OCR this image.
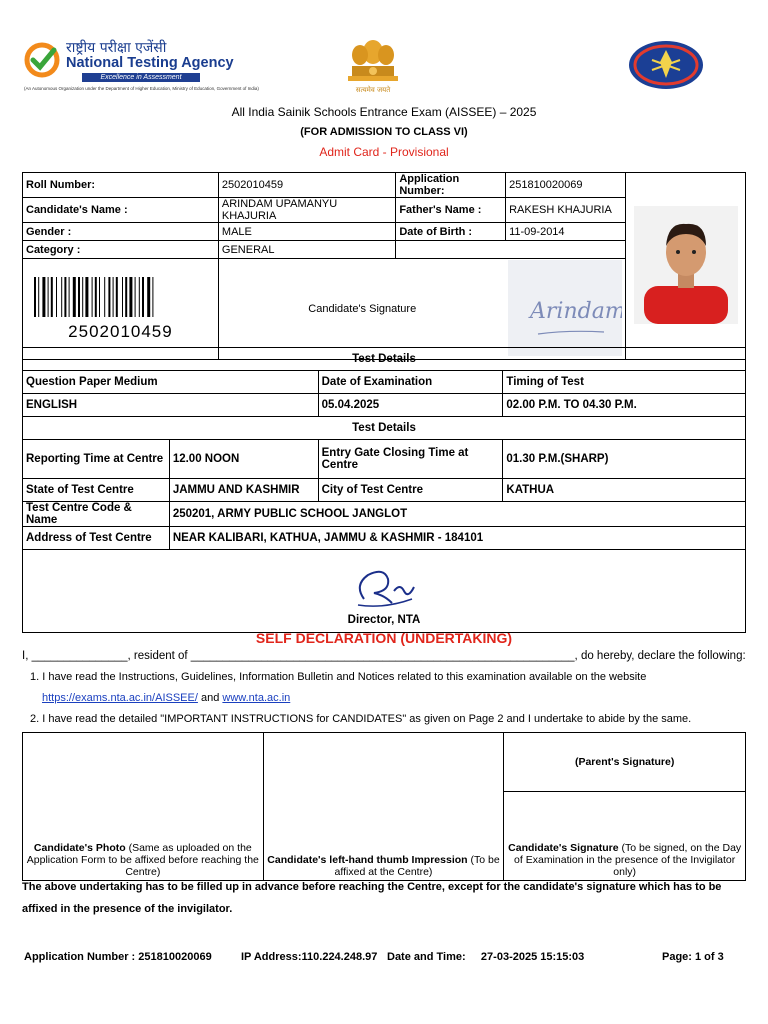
राष्ट्रीय परीक्षा एजेंसी
National Testing Agency
Excellence in Assessment
(An Autonomous Organization under the Department of Higher Education, Ministry of Education, Government of India)	सत्यमेव जयते
All India Sainik Schools Entrance Exam (AISSEE) – 2025
(FOR ADMISSION TO CLASS VI)
Admit Card - Provisional
Roll Number:	2502010459	Application Number:	251810020069	
Candidate's Name :	ARINDAM UPAMANYU KHAJURIA	Father's Name :	RAKESH KHAJURIA	
Gender :	MALE	Date of Birth :	11-09-2014	
Category :	GENERAL			

2502010459	Candidate's Signature		Arindam	
Test Details			
Question Paper Medium		Date of Examination	Timing of Test
ENGLISH		05.04.2025	02.00 P.M. TO 04.30 P.M.
Test Details			
Reporting Time at Centre	12.00 NOON	Entry Gate Closing Time at Centre	01.30 P.M.(SHARP)
State of Test Centre	JAMMU AND KASHMIR	City of Test Centre	KATHUA
Test Centre Code & Name	250201, ARMY PUBLIC SCHOOL JANGLOT		
Address of Test Centre	NEAR KALIBARI, KATHUA, JAMMU & KASHMIR - 184101		

Director, NTA			
SELF DECLARATION (UNDERTAKING)
I, _______________, resident of ____________________________________________________________, do hereby, declare the following:
1. I have read the Instructions, Guidelines, Information Bulletin and Notices related to this examination available on the website
https://exams.nta.ac.in/AISSEE/ and www.nta.ac.in
2. I have read the detailed "IMPORTANT INSTRUCTIONS for CANDIDATES" as given on Page 2 and I undertake to abide by the same.
Candidate's Photo (Same as uploaded on the Application Form to be affixed before reaching the Centre)	Candidate's left-hand thumb Impression (To be affixed at the Centre)	(Parent's Signature)
Candidate's Signature (To be signed, on the Day of Examination in the presence of the Invigilator only)
The above undertaking has to be filled up in advance before reaching the Centre, except for the candidate's signature which has to be affixed in the presence of the invigilator.
Application Number : 251810020069	IP Address:110.224.248.97 Date and Time:     27-03-2025 15:15:03	Page: 1 of 3
